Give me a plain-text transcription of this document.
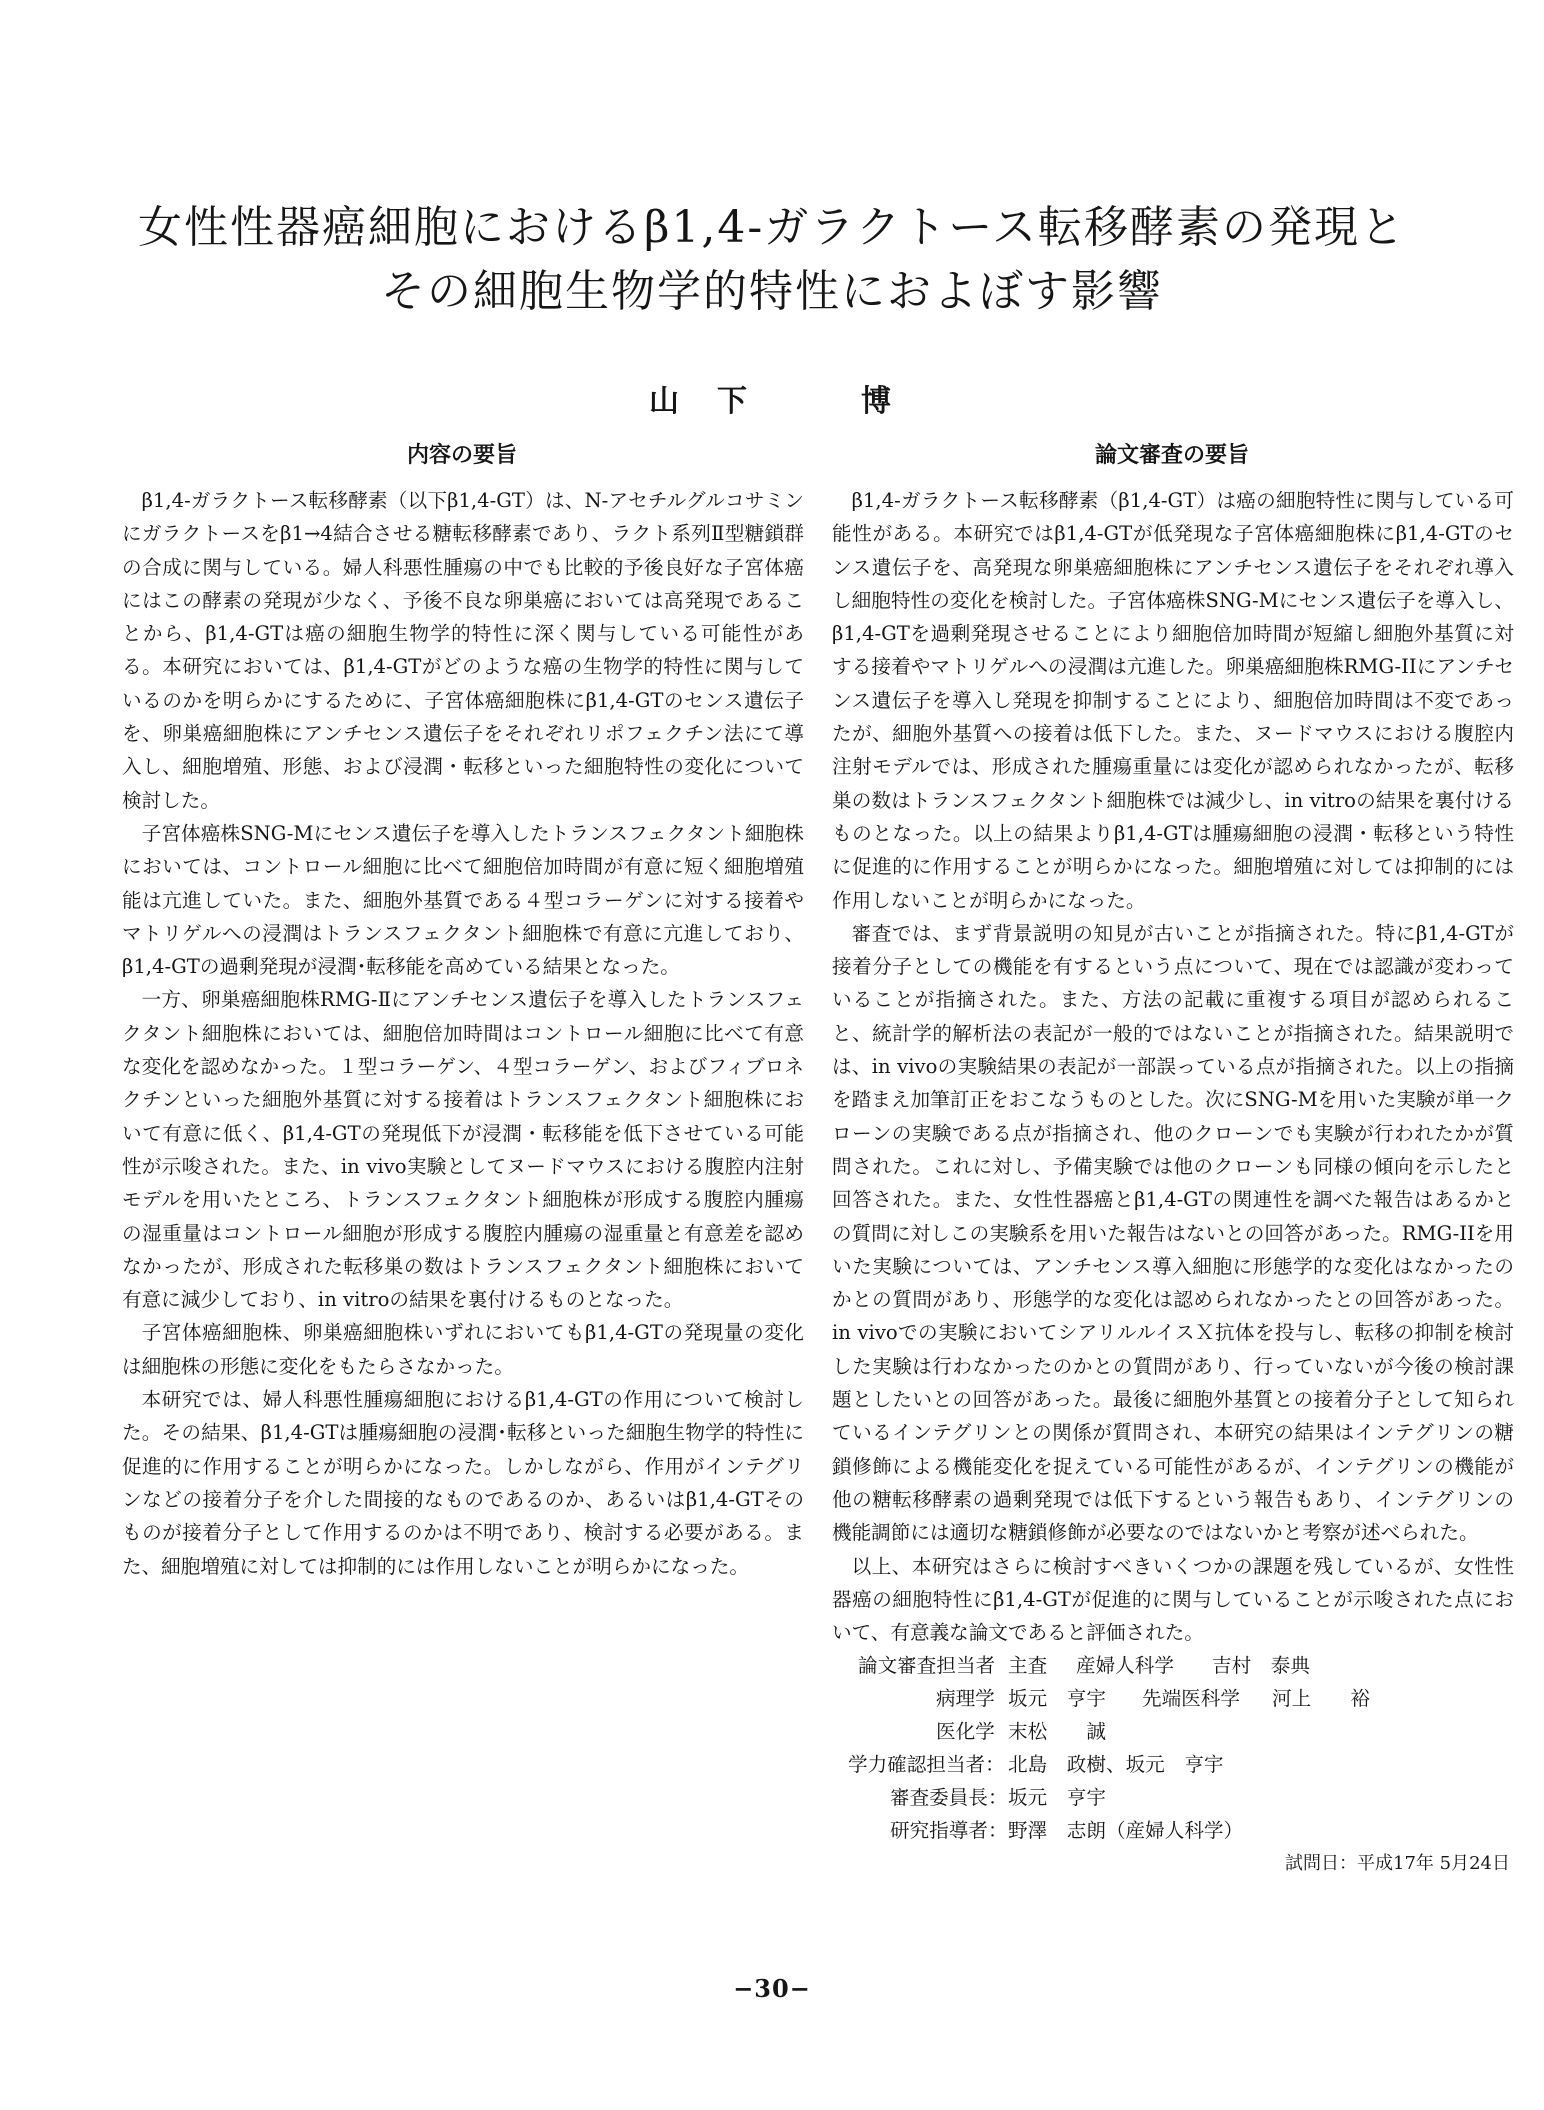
女性性器癌細胞におけるβ1,4-ガラクトース転移酵素の発現と
その細胞生物学的特性におよぼす影響
山　下	博
内容の要旨	論文審査の要旨

β1,4-ガラクトース転移酵素（以下β1,4-GT）は、N-アセチルグルコサミンにガラクトースをβ1→4結合させる糖転移酵素であり、ラクト系列Ⅱ型糖鎖群の合成に関与している。婦人科悪性腫瘍の中でも比較的予後良好な子宮体癌にはこの酵素の発現が少なく、予後不良な卵巣癌においては高発現であることから、β1,4-GTは癌の細胞生物学的特性に深く関与している可能性がある。本研究においては、β1,4-GTがどのような癌の生物学的特性に関与しているのかを明らかにするために、子宮体癌細胞株にβ1,4-GTのセンス遺伝子を、卵巣癌細胞株にアンチセンス遺伝子をそれぞれリポフェクチン法にて導入し、細胞増殖、形態、および浸潤・転移といった細胞特性の変化について検討した。

子宮体癌株SNG-Mにセンス遺伝子を導入したトランスフェクタント細胞株においては、コントロール細胞に比べて細胞倍加時間が有意に短く細胞増殖能は亢進していた。また、細胞外基質である４型コラーゲンに対する接着やマトリゲルへの浸潤はトランスフェクタント細胞株で有意に亢進しており、β1,4-GTの過剰発現が浸潤･転移能を高めている結果となった。

一方、卵巣癌細胞株RMG-Ⅱにアンチセンス遺伝子を導入したトランスフェクタント細胞株においては、細胞倍加時間はコントロール細胞に比べて有意な変化を認めなかった。１型コラーゲン、４型コラーゲン、およびフィブロネクチンといった細胞外基質に対する接着はトランスフェクタント細胞株において有意に低く、β1,4-GTの発現低下が浸潤・転移能を低下させている可能性が示唆された。また、in vivo実験としてヌードマウスにおける腹腔内注射モデルを用いたところ、トランスフェクタント細胞株が形成する腹腔内腫瘍の湿重量はコントロール細胞が形成する腹腔内腫瘍の湿重量と有意差を認めなかったが、形成された転移巣の数はトランスフェクタント細胞株において有意に減少しており、in vitroの結果を裏付けるものとなった。

子宮体癌細胞株、卵巣癌細胞株いずれにおいてもβ1,4-GTの発現量の変化は細胞株の形態に変化をもたらさなかった。

本研究では、婦人科悪性腫瘍細胞におけるβ1,4-GTの作用について検討した。その結果、β1,4-GTは腫瘍細胞の浸潤･転移といった細胞生物学的特性に促進的に作用することが明らかになった。しかしながら、作用がインテグリンなどの接着分子を介した間接的なものであるのか、あるいはβ1,4-GTそのものが接着分子として作用するのかは不明であり、検討する必要がある。また、細胞増殖に対しては抑制的には作用しないことが明らかになった。

β1,4-ガラクトース転移酵素（β1,4-GT）は癌の細胞特性に関与している可能性がある。本研究ではβ1,4-GTが低発現な子宮体癌細胞株にβ1,4-GTのセンス遺伝子を、高発現な卵巣癌細胞株にアンチセンス遺伝子をそれぞれ導入し細胞特性の変化を検討した。子宮体癌株SNG-Mにセンス遺伝子を導入し、β1,4-GTを過剰発現させることにより細胞倍加時間が短縮し細胞外基質に対する接着やマトリゲルへの浸潤は亢進した。卵巣癌細胞株RMG-IIにアンチセンス遺伝子を導入し発現を抑制することにより、細胞倍加時間は不変であったが、細胞外基質への接着は低下した。また、ヌードマウスにおける腹腔内注射モデルでは、形成された腫瘍重量には変化が認められなかったが、転移巣の数はトランスフェクタント細胞株では減少し、in vitroの結果を裏付けるものとなった。以上の結果よりβ1,4-GTは腫瘍細胞の浸潤・転移という特性に促進的に作用することが明らかになった。細胞増殖に対しては抑制的には作用しないことが明らかになった。

審査では、まず背景説明の知見が古いことが指摘された。特にβ1,4-GTが接着分子としての機能を有するという点について、現在では認識が変わっていることが指摘された。また、方法の記載に重複する項目が認められること、統計学的解析法の表記が一般的ではないことが指摘された。結果説明では、in vivoの実験結果の表記が一部誤っている点が指摘された。以上の指摘を踏まえ加筆訂正をおこなうものとした。次にSNG-Mを用いた実験が単一クローンの実験である点が指摘され、他のクローンでも実験が行われたかが質問された。これに対し、予備実験では他のクローンも同様の傾向を示したと回答された。また、女性性器癌とβ1,4-GTの関連性を調べた報告はあるかとの質問に対しこの実験系を用いた報告はないとの回答があった。RMG-IIを用いた実験については、アンチセンス導入細胞に形態学的な変化はなかったのかとの質問があり、形態学的な変化は認められなかったとの回答があった。in vivoでの実験においてシアリルルイスＸ抗体を投与し、転移の抑制を検討した実験は行わなかったのかとの質問があり、行っていないが今後の検討課題としたいとの回答があった。最後に細胞外基質との接着分子として知られているインテグリンとの関係が質問され、本研究の結果はインテグリンの糖鎖修飾による機能変化を捉えている可能性があるが、インテグリンの機能が他の糖転移酵素の過剰発現では低下するという報告もあり、インテグリンの機能調節には適切な糖鎖修飾が必要なのではないかと考察が述べられた。

以上、本研究はさらに検討すべきいくつかの課題を残しているが、女性性器癌の細胞特性にβ1,4-GTが促進的に関与していることが示唆された点において、有意義な論文であると評価された。

論文審査担当者 主査 産婦人科学 吉村　泰典
病理学 坂元　亨宇 先端医科学 河上　　裕
医化学 末松　　誠
学力確認担当者： 北島　政樹、坂元　亨宇
審査委員長： 坂元　亨宇
研究指導者： 野澤　志朗（産婦人科学）
試問日：平成17年 5月24日
−30−
